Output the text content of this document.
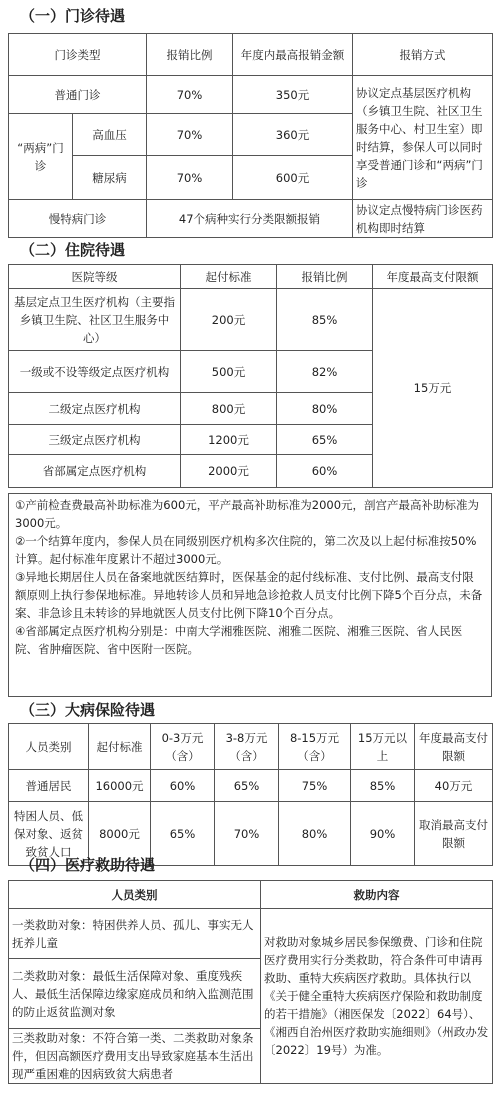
（一）门诊待遇
门诊类型		报销比例	年度内最高报销金额	报销方式
普通门诊		70%	350元	协议定点基层医疗机构（乡镇卫生院、社区卫生服务中心、村卫生室）即时结算，参保人可以同时享受普通门诊和“两病”门诊
“两病”门诊	高血压	70%	360元	
	糖尿病	70%	600元	
慢特病门诊		47个病种实行分类限额报销		协议定点慢特病门诊医药机构即时结算
（二）住院待遇
医院等级	起付标准	报销比例	年度最高支付限额
基层定点卫生医疗机构（主要指乡镇卫生院、社区卫生服务中心）	200元	85%	15万元
一级或不设等级定点医疗机构	500元	82%	
二级定点医疗机构	800元	80%	
三级定点医疗机构	1200元	65%	
省部属定点医疗机构	2000元	60%	

①产前检查费最高补助标准为600元，平产最高补助标准为2000元，剖宫产最高补助标准为3000元。

②一个结算年度内，参保人员在同级别医疗机构多次住院的，第二次及以上起付标准按50%计算。起付标准年度累计不超过3000元。

③异地长期居住人员在备案地就医结算时，医保基金的起付线标准、支付比例、最高支付限额原则上执行参保地标准。异地转诊人员和异地急诊抢救人员支付比例下降5个百分点，未备案、非急诊且未转诊的异地就医人员支付比例下降10个百分点。

④省部属定点医疗机构分别是：中南大学湘雅医院、湘雅二医院、湘雅三医院、省人民医院、省肿瘤医院、省中医附一医院。

（三）大病保险待遇
人员类别	起付标准	0-3万元（含）	3-8万元（含）	8-15万元（含）	15万元以上	年度最高支付限额
普通居民	16000元	60%	65%	75%	85%	40万元
特困人员、低保对象、返贫致贫人口	8000元	65%	70%	80%	90%	取消最高支付限额
（四）医疗救助待遇
人员类别	救助内容
一类救助对象：特困供养人员、孤儿、事实无人抚养儿童	对救助对象城乡居民参保缴费、门诊和住院医疗费用实行分类救助，符合条件可申请再救助、重特大疾病医疗救助。具体执行以《关于健全重特大疾病医疗保险和救助制度的若干措施》（湘医保发〔2022〕64号）、《湘西自治州医疗救助实施细则》（州政办发〔2022〕19号）为准。
二类救助对象：最低生活保障对象、重度残疾人、最低生活保障边缘家庭成员和纳入监测范围的防止返贫监测对象	
三类救助对象：不符合第一类、二类救助对象条件，但因高额医疗费用支出导致家庭基本生活出现严重困难的因病致贫大病患者	
